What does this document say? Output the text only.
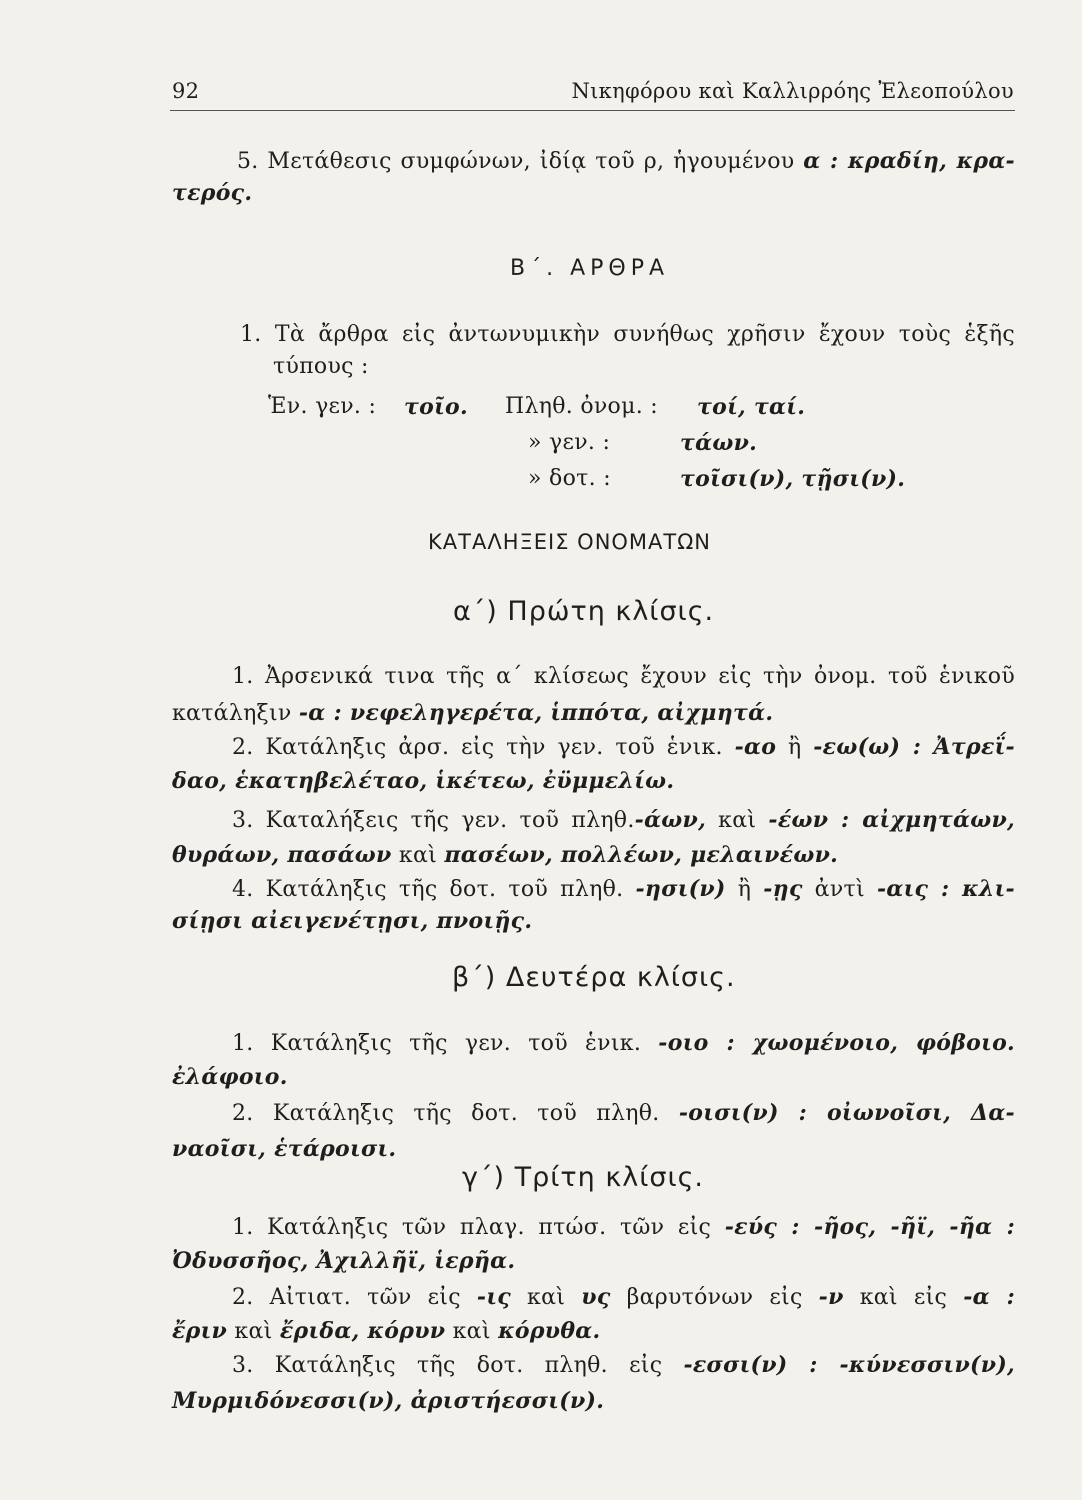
92	Νικηφόρου καὶ Καλλιρρόης Ἐλεοπούλου
5. Μετάθεσις συμφώνων, ἰδίᾳ τοῦ ρ, ἡγουμένου α : κραδίη, κρα-
τερός.
Β΄. ΑΡΘΡΑ
1. Τὰ ἄρθρα εἰς ἀντωνυμικὴν συνήθως χρῆσιν ἔχουν τοὺς ἑξῆς
τύπους :
Ἑν. γεν. : τοῖο. Πληθ. ὀνομ. : τοί, ταί.
» γεν. :	τάων.
» δοτ. :	τοῖσι(ν), τῇσι(ν).
ΚΑΤΑΛΗΞΕΙΣ ΟΝΟΜΑΤΩΝ
α΄) Πρώτη κλίσις.
1. Ἀρσενικά τινα τῆς α΄ κλίσεως ἔχουν εἰς τὴν ὀνομ. τοῦ ἑνικοῦ
κατάληξιν -α : νεφεληγερέτα, ἱππότα, αἰχμητά.
2. Κατάληξις ἀρσ. εἰς τὴν γεν. τοῦ ἑνικ. -αο ἢ -εω(ω) : Ἀτρεΐ-
δαο, ἑκατηβελέταο, ἱκέτεω, ἐϋμμελίω.
3. Καταλήξεις τῆς γεν. τοῦ πληθ.-άων, καὶ -έων : αἰχμητάων,
θυράων, πασάων καὶ πασέων, πολλέων, μελαινέων.
4. Κατάληξις τῆς δοτ. τοῦ πληθ. -ησι(ν) ἢ -ῃς ἀντὶ -αις : κλι-
σίῃσι αἰειγενέτῃσι, πνοιῇς.
β΄) Δευτέρα κλίσις.
1. Κατάληξις τῆς γεν. τοῦ ἑνικ. -οιο : χωομένοιο, φόβοιο.
ἐλάφοιο.
2. Κατάληξις τῆς δοτ. τοῦ πληθ. -οισι(ν) : οἰωνοῖσι, Δα-
ναοῖσι, ἑτάροισι.
γ΄) Τρίτη κλίσις.
1. Κατάληξις τῶν πλαγ. πτώσ. τῶν εἰς -εύς : -ῆος, -ῆϊ, -ῆα :
Ὀδυσσῆος, Ἀχιλλῆϊ, ἱερῆα.
2. Αἰτιατ. τῶν εἰς -ις καὶ υς βαρυτόνων εἰς -ν καὶ εἰς -α :
ἔριν καὶ ἔριδα, κόρυν καὶ κόρυθα.
3. Κατάληξις τῆς δοτ. πληθ. εἰς -εσσι(ν) : -κύνεσσιν(ν),
Μυρμιδόνεσσι(ν), ἀριστήεσσι(ν).
